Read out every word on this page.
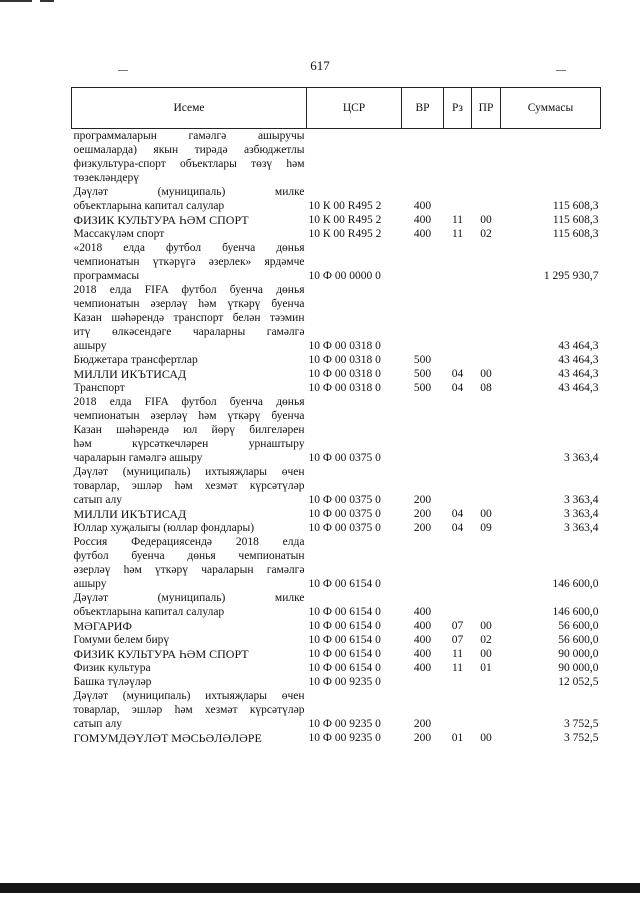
617
Исеме	ЦСР	ВР	Рз	ПР	Суммасы

программаларын гамәлгә ашыручы
оешмаларда) якын тирәдә азбюджетлы
физкультура-спорт объектлары төзү һәм
төзекләндерү					

Дәүләт (муниципаль) милке
объектларына капитал салулар	10 К 00 R495 2	400			115 608,3

ФИЗИК КУЛЬТУРА ҺӘМ СПОРТ	10 К 00 R495 2	400	11	00	115 608,3

Массакүләм спорт	10 К 00 R495 2	400	11	02	115 608,3

«2018 елда футбол буенча дөнья
чемпионатын үткәрүгә әзерлек» ярдәмче
программасы	10 Ф 00 0000 0				1 295 930,7

2018 елда FIFA футбол буенча дөнья
чемпионатын әзерләү һәм үткәрү буенча
Казан шәһәрендә транспорт белән тәэмин
итү өлкәсендәге чараларны гамәлгә
ашыру	10 Ф 00 0318 0				43 464,3

Бюджетара трансфертлар	10 Ф 00 0318 0	500			43 464,3

МИЛЛИ ИКЪТИСАД	10 Ф 00 0318 0	500	04	00	43 464,3

Транспорт	10 Ф 00 0318 0	500	04	08	43 464,3

2018 елда FIFA футбол буенча дөнья
чемпионатын әзерләү һәм үткәрү буенча
Казан шәһәрендә юл йөрү билгеләрен
һәм күрсәткечләрен урнаштыру
чараларын гамәлгә ашыру	10 Ф 00 0375 0				3 363,4

Дәүләт (муниципаль) ихтыяҗлары өчен
товарлар, эшләр һәм хезмәт күрсәтүләр
сатып алу	10 Ф 00 0375 0	200			3 363,4

МИЛЛИ ИКЪТИСАД	10 Ф 00 0375 0	200	04	00	3 363,4

Юллар хуҗалыгы (юллар фондлары)	10 Ф 00 0375 0	200	04	09	3 363,4

Россия Федерациясендә 2018 елда
футбол буенча дөнья чемпионатын
әзерләү һәм үткәрү чараларын гамәлгә
ашыру	10 Ф 00 6154 0				146 600,0

Дәүләт (муниципаль) милке
объектларына капитал салулар	10 Ф 00 6154 0	400			146 600,0

МӘГАРИФ	10 Ф 00 6154 0	400	07	00	56 600,0

Гомуми белем бирү	10 Ф 00 6154 0	400	07	02	56 600,0

ФИЗИК КУЛЬТУРА ҺӘМ СПОРТ	10 Ф 00 6154 0	400	11	00	90 000,0

Физик культура	10 Ф 00 6154 0	400	11	01	90 000,0

Башка түләүләр	10 Ф 00 9235 0				12 052,5

Дәүләт (муниципаль) ихтыяҗлары өчен
товарлар, эшләр һәм хезмәт күрсәтүләр
сатып алу	10 Ф 00 9235 0	200			3 752,5

ГОМУМДӘҮЛӘТ МӘСЬӘЛӘЛӘРЕ	10 Ф 00 9235 0	200	01	00	3 752,5
